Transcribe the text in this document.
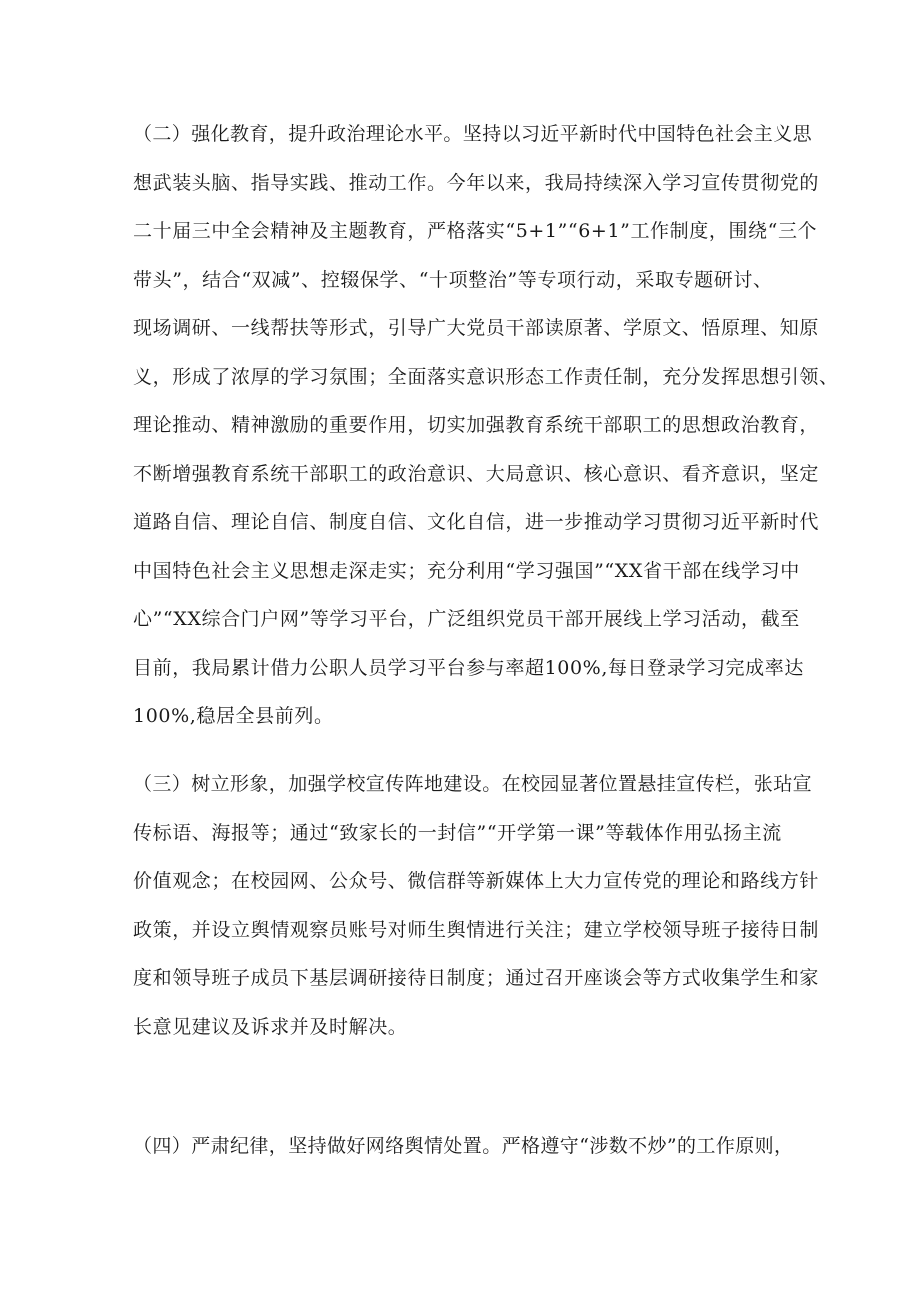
（二）强化教育，提升政治理论水平。坚持以习近平新时代中国特色社会主义思
想武装头脑、指导实践、推动工作。今年以来，我局持续深入学习宣传贯彻党的
二十届三中全会精神及主题教育，严格落实“5+1”“6+1”工作制度，围绕“三个
带头”，结合“双减”、控辍保学、“十项整治”等专项行动，采取专题研讨、
现场调研、一线帮扶等形式，引导广大党员干部读原著、学原文、悟原理、知原
义，形成了浓厚的学习氛围；全面落实意识形态工作责任制，充分发挥思想引领、
理论推动、精神激励的重要作用，切实加强教育系统干部职工的思想政治教育，
不断增强教育系统干部职工的政治意识、大局意识、核心意识、看齐意识，坚定
道路自信、理论自信、制度自信、文化自信，进一步推动学习贯彻习近平新时代
中国特色社会主义思想走深走实；充分利用“学习强国”“XX省干部在线学习中
心”“XX综合门户网”等学习平台，广泛组织党员干部开展线上学习活动，截至
目前，我局累计借力公职人员学习平台参与率超100%,每日登录学习完成率达
100%,稳居全县前列。
（三）树立形象，加强学校宣传阵地建设。在校园显著位置悬挂宣传栏，张玷宣
传标语、海报等；通过“致家长的一封信”“开学第一课”等载体作用弘扬主流
价值观念；在校园网、公众号、微信群等新媒体上大力宣传党的理论和路线方针
政策，并设立舆情观察员账号对师生舆情进行关注；建立学校领导班子接待日制
度和领导班子成员下基层调研接待日制度；通过召开座谈会等方式收集学生和家
长意见建议及诉求并及时解决。
（四）严肃纪律，坚持做好网络舆情处置。严格遵守“涉数不炒”的工作原则，
